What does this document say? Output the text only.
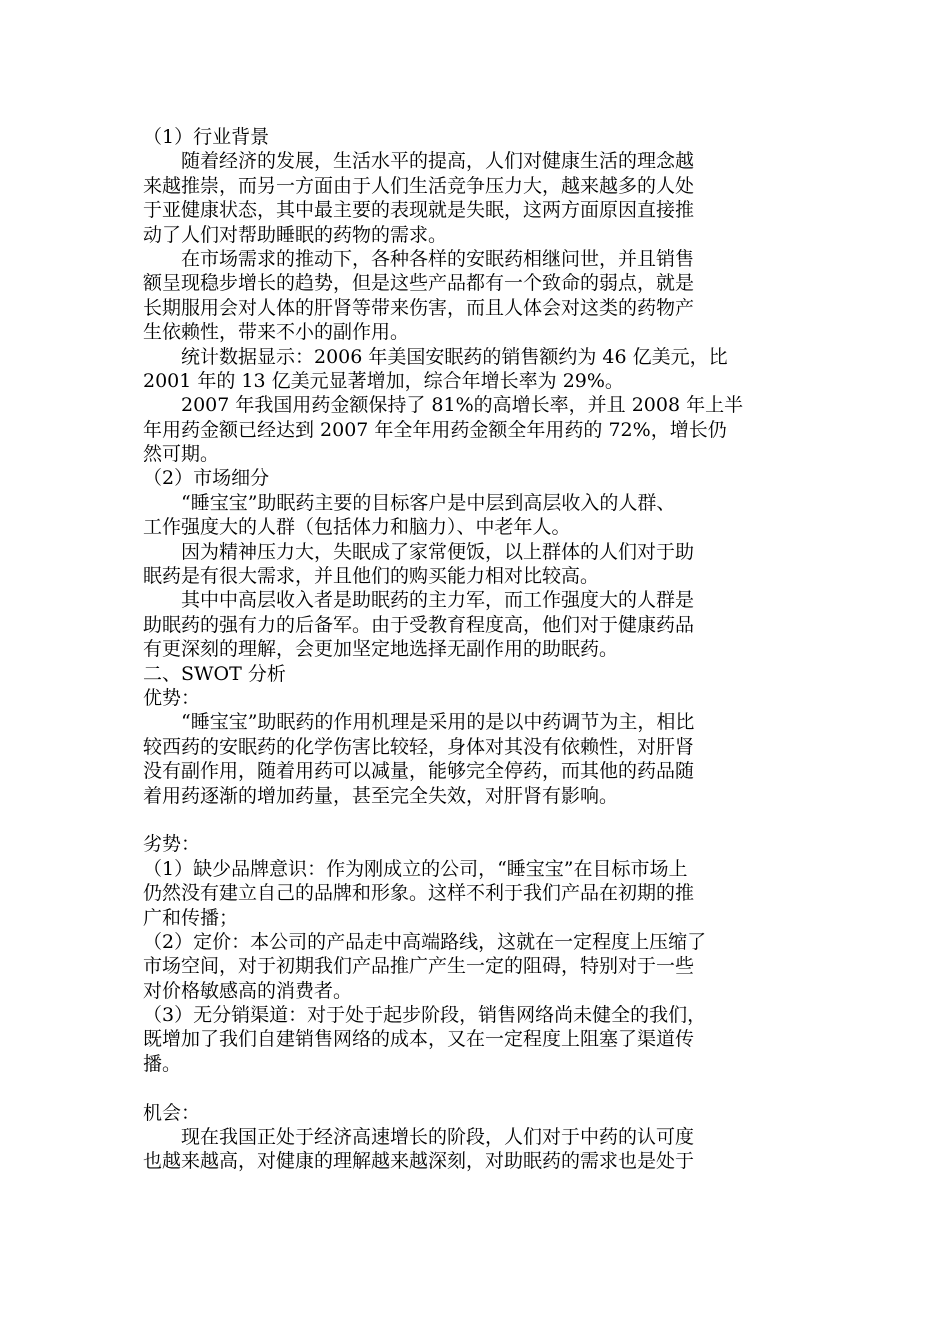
（1）行业背景
随着经济的发展，生活水平的提高，人们对健康生活的理念越
来越推崇，而另一方面由于人们生活竞争压力大，越来越多的人处
于亚健康状态，其中最主要的表现就是失眠，这两方面原因直接推
动了人们对帮助睡眠的药物的需求。
在市场需求的推动下，各种各样的安眠药相继问世，并且销售
额呈现稳步增长的趋势，但是这些产品都有一个致命的弱点，就是
长期服用会对人体的肝肾等带来伤害，而且人体会对这类的药物产
生依赖性，带来不小的副作用。
统计数据显示：2006 年美国安眠药的销售额约为 46 亿美元，比
2001 年的 13 亿美元显著增加，综合年增长率为 29%。
2007 年我国用药金额保持了 81%的高增长率，并且 2008 年上半
年用药金额已经达到 2007 年全年用药金额全年用药的 72%，增长仍
然可期。
（2）市场细分
“睡宝宝”助眠药主要的目标客户是中层到高层收入的人群、
工作强度大的人群（包括体力和脑力）、中老年人。
因为精神压力大，失眠成了家常便饭，以上群体的人们对于助
眠药是有很大需求，并且他们的购买能力相对比较高。
其中中高层收入者是助眠药的主力军，而工作强度大的人群是
助眠药的强有力的后备军。由于受教育程度高，他们对于健康药品
有更深刻的理解，会更加坚定地选择无副作用的助眠药。
二、SWOT 分析
优势：
“睡宝宝”助眠药的作用机理是采用的是以中药调节为主，相比
较西药的安眠药的化学伤害比较轻，身体对其没有依赖性，对肝肾
没有副作用，随着用药可以减量，能够完全停药，而其他的药品随
着用药逐渐的增加药量，甚至完全失效，对肝肾有影响。
劣势：
（1）缺少品牌意识：作为刚成立的公司，“睡宝宝”在目标市场上
仍然没有建立自己的品牌和形象。这样不利于我们产品在初期的推
广和传播；
（2）定价：本公司的产品走中高端路线，这就在一定程度上压缩了
市场空间，对于初期我们产品推广产生一定的阻碍，特别对于一些
对价格敏感高的消费者。
（3）无分销渠道：对于处于起步阶段，销售网络尚未健全的我们，
既增加了我们自建销售网络的成本，又在一定程度上阻塞了渠道传
播。
机会：
现在我国正处于经济高速增长的阶段，人们对于中药的认可度
也越来越高，对健康的理解越来越深刻，对助眠药的需求也是处于
